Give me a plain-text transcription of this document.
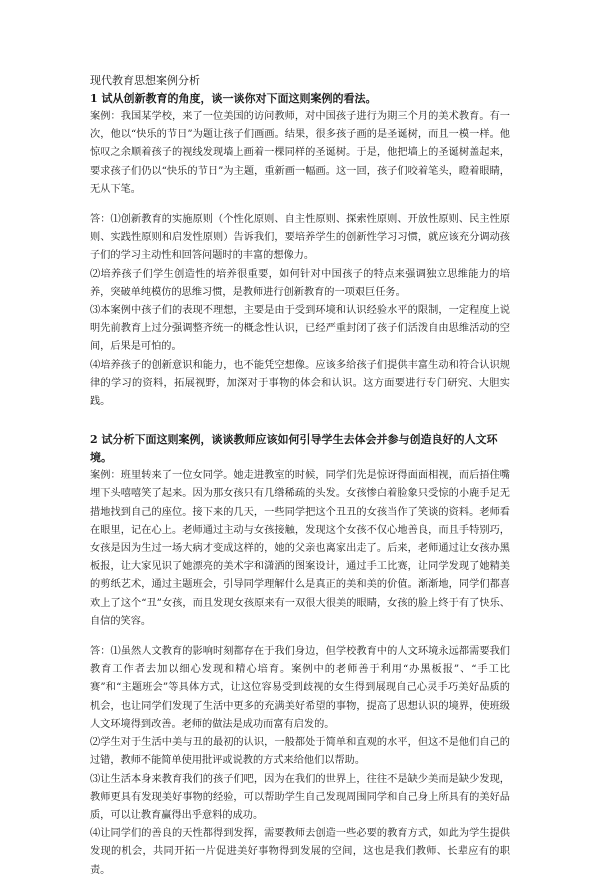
现代教育思想案例分析

1 试从创新教育的角度，谈一谈你对下面这则案例的看法。

案例：我国某学校，来了一位美国的访问教师，对中国孩子进行为期三个月的美术教育。有一次，他以“快乐的节日”为题让孩子们画画。结果，很多孩子画的是圣诞树，而且一模一样。他惊叹之余顺着孩子的视线发现墙上画着一棵同样的圣诞树。于是，他把墙上的圣诞树盖起来，要求孩子们仍以“快乐的节日”为主题，重新画一幅画。这一回，孩子们咬着笔头，瞪着眼睛，无从下笔。

答：⑴创新教育的实施原则（个性化原则、自主性原则、探索性原则、开放性原则、民主性原则、实践性原则和启发性原则）告诉我们，要培养学生的创新性学习习惯，就应该充分调动孩子们的学习主动性和回答问题时的丰富的想像力。

⑵培养孩子们学生创造性的培养很重要，如何针对中国孩子的特点来强调独立思维能力的培养，突破单纯模仿的思维习惯，是教师进行创新教育的一项艰巨任务。

⑶本案例中孩子们的表现不理想，主要是由于受到环境和认识经验水平的限制，一定程度上说明先前教育上过分强调整齐统一的概念性认识，已经严重封闭了孩子们活泼自由思维活动的空间，后果是可怕的。

⑷培养孩子的创新意识和能力，也不能凭空想像。应该多给孩子们提供丰富生动和符合认识规律的学习的资料，拓展视野，加深对于事物的体会和认识。这方面要进行专门研究、大胆实践。

2 试分析下面这则案例，谈谈教师应该如何引导学生去体会并参与创造良好的人文环境。

案例：班里转来了一位女同学。她走进教室的时候，同学们先是惊讶得面面相视，而后捂住嘴埋下头嘻嘻笑了起来。因为那女孩只有几绺稀疏的头发。女孩惨白着脸象只受惊的小鹿手足无措地找到自己的座位。接下来的几天，一些同学把这个丑丑的女孩当作了笑谈的资料。老师看在眼里，记在心上。老师通过主动与女孩接触，发现这个女孩不仅心地善良，而且手特别巧，女孩是因为生过一场大病才变成这样的，她的父亲也离家出走了。后来，老师通过让女孩办黑板报，让大家见识了她漂亮的美术字和潇洒的图案设计，通过手工比赛，让同学发现了她精美的剪纸艺术，通过主题班会，引导同学理解什么是真正的美和美的价值。渐渐地，同学们都喜欢上了这个“丑”女孩，而且发现女孩原来有一双很大很美的眼睛，女孩的脸上终于有了快乐、自信的笑容。

答：⑴虽然人文教育的影响时刻都存在于我们身边，但学校教育中的人文环境永远都需要我们教育工作者去加以细心发现和精心培育。案例中的老师善于利用“办黑板报”、“手工比赛”和“主题班会”等具体方式，让这位容易受到歧视的女生得到展现自己心灵手巧美好品质的机会，也让同学们发现了生活中更多的充满美好希望的事物，提高了思想认识的境界，使班级人文环境得到改善。老师的做法是成功而富有启发的。

⑵学生对于生活中美与丑的最初的认识，一般都处于简单和直观的水平，但这不是他们自己的过错，教师不能简单使用批评或说教的方式来给他们以帮助。

⑶让生活本身来教育我们的孩子们吧，因为在我们的世界上，往往不是缺少美而是缺少发现，教师更具有发现美好事物的经验，可以帮助学生自己发现周围同学和自己身上所具有的美好品质，可以让教育赢得出乎意料的成功。

⑷让同学们的善良的天性都得到发挥，需要教师去创造一些必要的教育方式，如此为学生提供发现的机会，共同开拓一片促进美好事物得到发展的空间，这也是我们教师、长辈应有的职责。
